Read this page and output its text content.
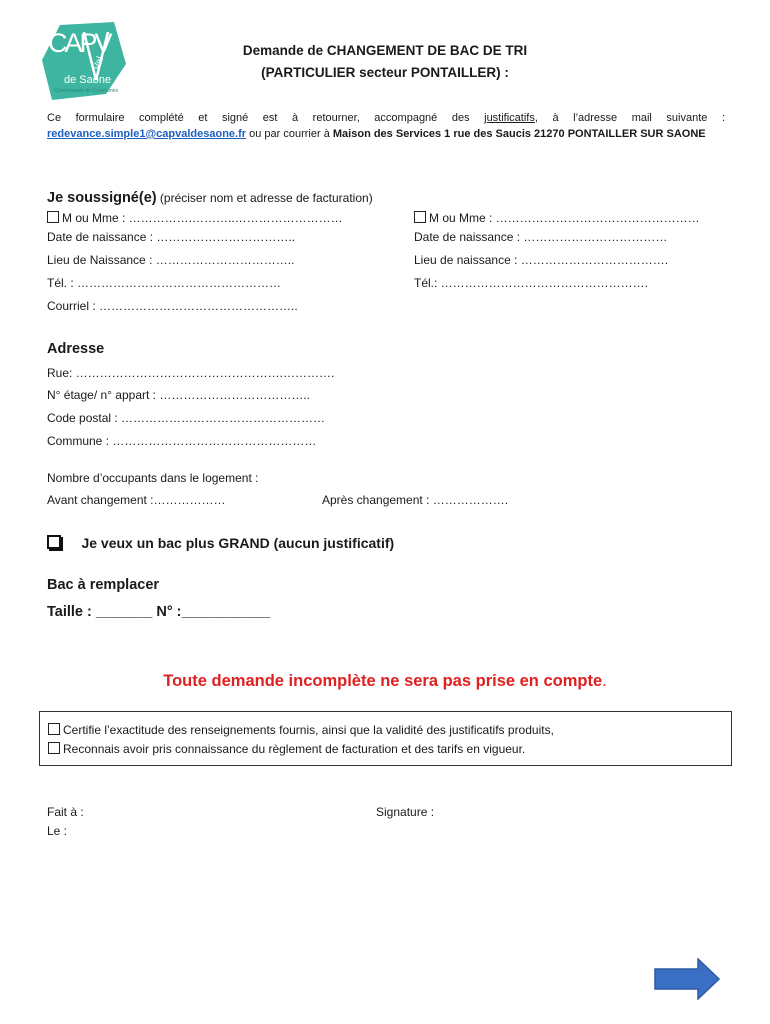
CAPV
Val
de Saone
Communauté de Communes
Demande de CHANGEMENT DE BAC DE TRI
(PARTICULIER secteur PONTAILLER) :
Ce formulaire complété et signé est à retourner, accompagné des justificatifs, à l’adresse mail suivante : redevance.simple1@capvaldesaone.fr ou par courrier à Maison des Services 1 rue des Saucis 21270 PONTAILLER SUR SAONE
Je soussigné(e) (préciser nom et adresse de facturation)
M ou Mme : …………….………..………………………
Date de naissance : ……………………………..
Lieu de Naissance : ……………………………..
Tél. : ……………………………………………
Courriel : …………………………………………..
M ou Mme : ……………………………………………
Date de naissance : ………………………………
Lieu de naissance : ……………………………….
Tél.: …………………………………………….
Adresse
Rue: …………………………………………….………….
N° étage/ n° appart : ………………………………..
Code postal : ……………………………………………
Commune : ……………………………………………
Nombre d’occupants dans le logement :
Avant changement :………………	Après changement : ……………….
Je veux un bac plus GRAND (aucun justificatif)
Bac à remplacer
Taille : _______ N° :___________
Toute demande incomplète ne sera pas prise en compte.
Certifie l’exactitude des renseignements fournis, ainsi que la validité des justificatifs produits,
Reconnais avoir pris connaissance du règlement de facturation et des tarifs en vigueur.
Fait à :
Le :
Signature :
